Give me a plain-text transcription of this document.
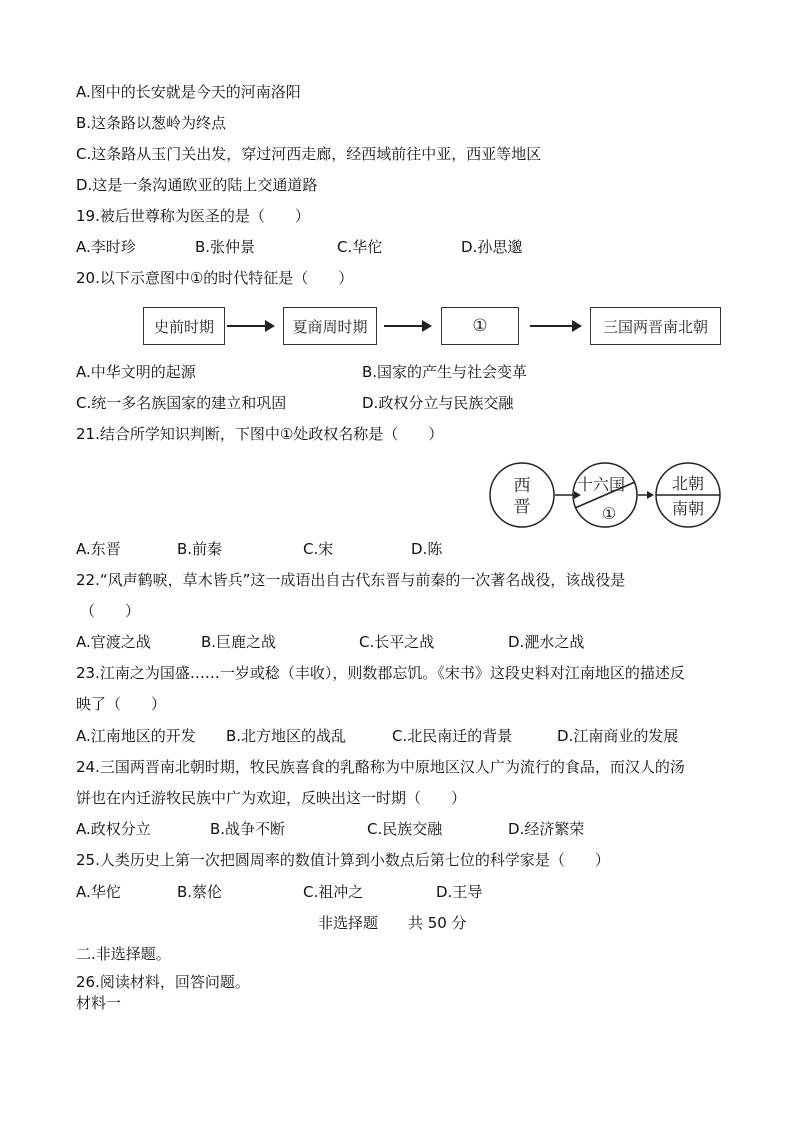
A.图中的长安就是今天的河南洛阳
B.这条路以葱岭为终点
C.这条路从玉门关出发，穿过河西走廊，经西域前往中亚，西亚等地区
D.这是一条沟通欧亚的陆上交通道路
19.被后世尊称为医圣的是（　　）
A.李时珍	B.张仲景	C.华佗	D.孙思邈
20.以下示意图中①的时代特征是（　　）
史前时期	夏商周时期	①	三国两晋南北朝
A.中华文明的起源	B.国家的产生与社会变革
C.统一多名族国家的建立和巩固	D.政权分立与民族交融
21.结合所学知识判断，下图中①处政权名称是（　　）
西
晋
十六国
①
北朝
南朝
A.东晋	B.前秦	C.宋	D.陈
22.“风声鹤唳，草木皆兵”这一成语出自古代东晋与前秦的一次著名战役，该战役是
（　　）
A.官渡之战	B.巨鹿之战	C.长平之战	D.淝水之战
23.江南之为国盛……一岁或稔（丰收），则数郡忘饥。《宋书》这段史料对江南地区的描述反
映了（　　）
A.江南地区的开发 B.北方地区的战乱	C.北民南迁的背景	D.江南商业的发展
24.三国两晋南北朝时期，牧民族喜食的乳酪称为中原地区汉人广为流行的食品，而汉人的汤
饼也在内迁游牧民族中广为欢迎，反映出这一时期（　　）
A.政权分立	B.战争不断	C.民族交融	D.经济繁荣
25.人类历史上第一次把圆周率的数值计算到小数点后第七位的科学家是（　　）
A.华佗	B.蔡伦	C.祖冲之	D.王导
非选择题　　共 50 分
二.非选择题。
26.阅读材料，回答问题。
材料一
